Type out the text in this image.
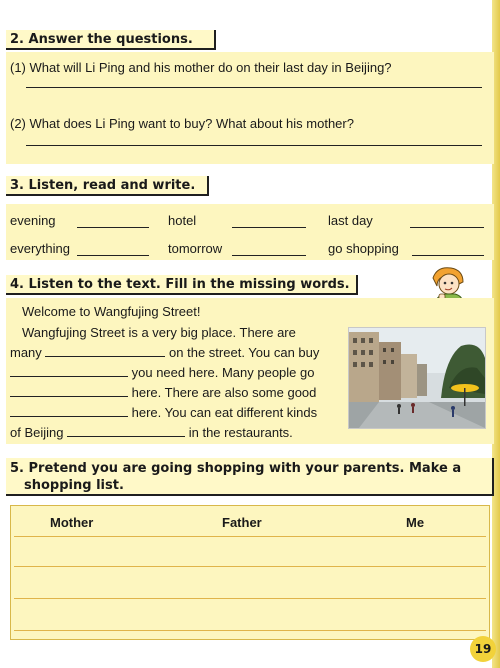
2. Answer the questions.
(1) What will Li Ping and his mother do on their last day in Beijing?
(2) What does Li Ping want to buy? What about his mother?
3. Listen, read and write.
evening	hotel	last day
everything	tomorrow	go shopping
4. Listen to the text. Fill in the missing words.
Welcome to Wangfujing Street!
Wangfujing Street is a very big place. There are
many	on the street. You can buy
you need here. Many people go
here. There are also some good
here. You can eat different kinds
of Beijing	in the restaurants.
5. Pretend you are going shopping with your parents. Make a
shopping list.
Mother	Father	Me
19
